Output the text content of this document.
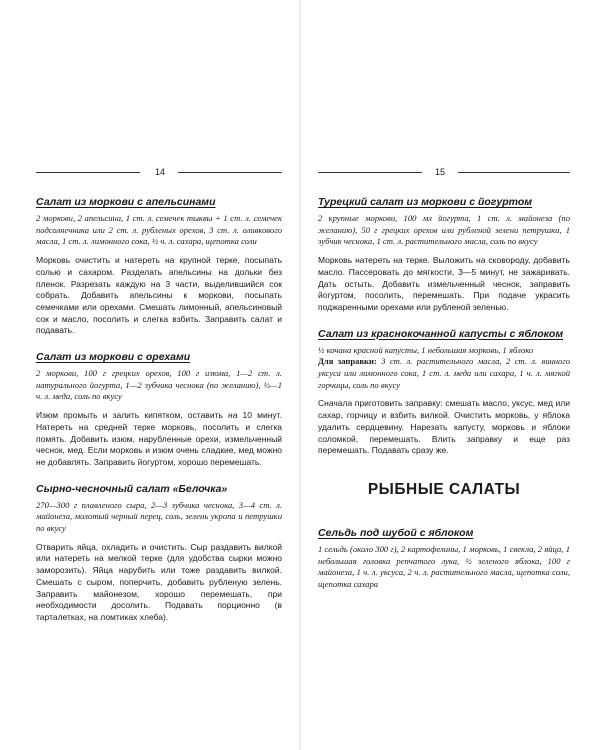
14

Салат из моркови с апельсинами

2 моркови, 2 апельсина, 1 ст. л. семечек тыквы + 1 ст. л. семечек подсолнечника или 2 ст. л. рубленых орехов, 3 ст. л. оливкового масла, 1 ст. л. лимонного сока, ½ ч. л. сахара, щепотка соли

Морковь очистить и натереть на крупной терке, посыпать солью и сахаром. Разделать апельсины на дольки без пленок. Разрезать каждую на 3 части, выделившийся сок собрать. Добавить апельсины к моркови, посыпать семечками или орехами. Смешать лимонный, апельсиновый сок и масло, посолить и слегка взбить. Заправить салат и подавать.

Салат из моркови с орехами

2 моркови, 100 г грецких орехов, 100 г изюма, 1—2 ст. л. натурального йогурта, 1—2 зубчика чеснока (по желанию), ½—1 ч. л. меда, соль по вкусу

Изюм промыть и залить кипятком, оставить на 10 минут. Натереть на средней терке морковь, посолить и слегка помять. Добавить изюм, нарубленные орехи, измельченный чеснок, мед. Если морковь и изюм очень сладкие, мед можно не добавлять. Заправить йогуртом, хорошо перемешать.

Сырно-чесночный салат «Белочка»

270—300 г плавленого сыра, 2—3 зубчика чеснока, 3—4 ст. л. майонеза, молотый черный перец, соль, зелень укропа и петрушки по вкусу

Отварить яйца, охладить и очистить. Сыр раздавить вилкой или натереть на мелкой терке (для удобства сырки можно заморозить). Яйца нарубить или тоже раздавить вилкой. Смешать с сыром, поперчить, добавить рубленую зелень. Заправить майонезом, хорошо перемешать, при необходимости досолить. Подавать порционно (в тарталетках, на ломтиках хлеба).

15

Турецкий салат из моркови с йогуртом

2 крупные моркови, 100 мл йогурта, 1 ст. л. майонеза (по желанию), 50 г грецких орехов или рубленой зелени петрушки, 1 зубчик чеснока, 1 ст. л. растительного масла, соль по вкусу

Морковь натереть на терке. Выложить на сковороду, добавить масло. Пассеровать до мягкости, 3—5 минут, не зажаривать. Дать остыть. Добавить измельченный чеснок, заправить йогуртом, посолить, перемешать. При подаче украсить поджаренными орехами или рубленой зеленью.

Салат из краснокочанной капусты с яблоком

½ кочана красной капусты, 1 небольшая морковь, 1 яблоко
Для заправки: 3 ст. л. растительного масла, 2 ст. л. винного уксуса или лимонного сока, 1 ст. л. меда или сахара, 1 ч. л. мягкой горчицы, соль по вкусу

Сначала приготовить заправку: смешать масло, уксус, мед или сахар, горчицу и взбить вилкой. Очистить морковь, у яблока удалить сердцевину. Нарезать капусту, морковь и яблоки соломкой, перемешать. Влить заправку и еще раз перемешать. Подавать сразу же.

РЫБНЫЕ САЛАТЫ

Сельдь под шубой с яблоком

1 сельдь (около 300 г), 2 картофелины, 1 морковь, 1 свекла, 2 яйца, 1 небольшая головка репчатого лука, ½ зеленого яблока, 100 г майонеза, 1 ч. л. уксуса, 2 ч. л. растительного масла, щепотка соли, щепотка сахара
